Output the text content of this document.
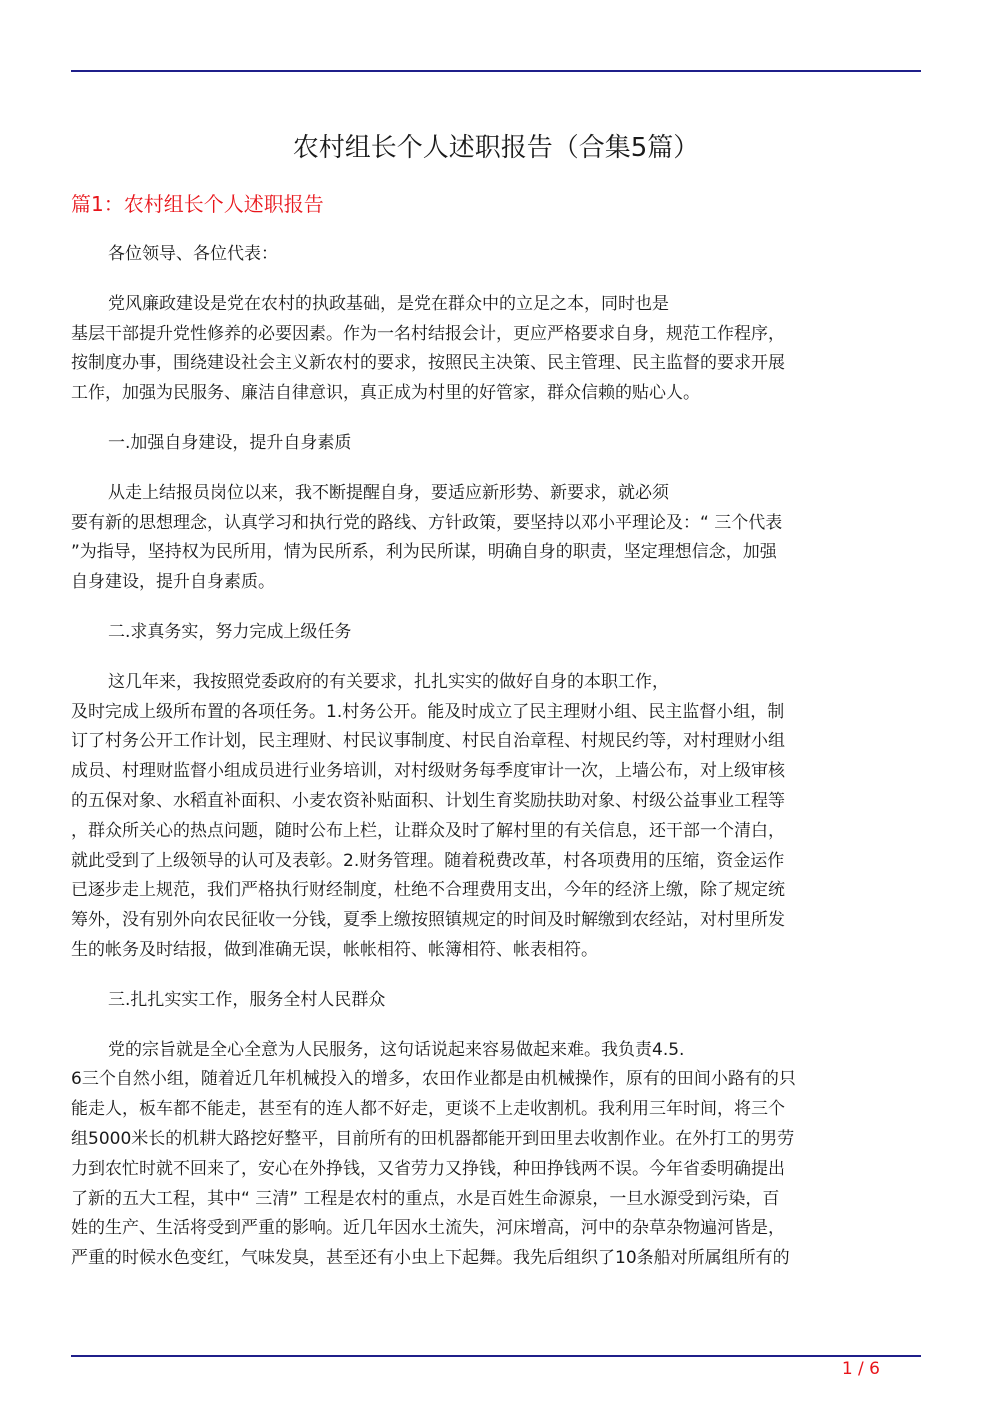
农村组长个人述职报告（合集5篇）
篇1：农村组长个人述职报告

各位领导、各位代表：

党风廉政建设是党在农村的执政基础，是党在群众中的立足之本，同时也是
基层干部提升党性修养的必要因素。作为一名村结报会计，更应严格要求自身，规范工作程序，
按制度办事，围绕建设社会主义新农村的要求，按照民主决策、民主管理、民主监督的要求开展
工作，加强为民服务、廉洁自律意识，真正成为村里的好管家，群众信赖的贴心人。

一.加强自身建设，提升自身素质

从走上结报员岗位以来，我不断提醒自身，要适应新形势、新要求，就必须
要有新的思想理念，认真学习和执行党的路线、方针政策，要坚持以邓小平理论及：“ 三个代表
”为指导，坚持权为民所用，情为民所系，利为民所谋，明确自身的职责，坚定理想信念，加强
自身建设，提升自身素质。

二.求真务实，努力完成上级任务

这几年来，我按照党委政府的有关要求，扎扎实实的做好自身的本职工作，
及时完成上级所布置的各项任务。1.村务公开。能及时成立了民主理财小组、民主监督小组，制
订了村务公开工作计划，民主理财、村民议事制度、村民自治章程、村规民约等，对村理财小组
成员、村理财监督小组成员进行业务培训，对村级财务每季度审计一次，上墙公布，对上级审核
的五保对象、水稻直补面积、小麦农资补贴面积、计划生育奖励扶助对象、村级公益事业工程等
，群众所关心的热点问题，随时公布上栏，让群众及时了解村里的有关信息，还干部一个清白，
就此受到了上级领导的认可及表彰。2.财务管理。随着税费改革，村各项费用的压缩，资金运作
已逐步走上规范，我们严格执行财经制度，杜绝不合理费用支出，今年的经济上缴，除了规定统
筹外，没有别外向农民征收一分钱，夏季上缴按照镇规定的时间及时解缴到农经站，对村里所发
生的帐务及时结报，做到准确无误，帐帐相符、帐簿相符、帐表相符。

三.扎扎实实工作，服务全村人民群众

党的宗旨就是全心全意为人民服务，这句话说起来容易做起来难。我负责4.5.
6三个自然小组，随着近几年机械投入的增多，农田作业都是由机械操作，原有的田间小路有的只
能走人，板车都不能走，甚至有的连人都不好走，更谈不上走收割机。我利用三年时间，将三个
组5000米长的机耕大路挖好整平，目前所有的田机器都能开到田里去收割作业。在外打工的男劳
力到农忙时就不回来了，安心在外挣钱，又省劳力又挣钱，种田挣钱两不误。今年省委明确提出
了新的五大工程，其中“ 三清” 工程是农村的重点，水是百姓生命源泉，一旦水源受到污染，百
姓的生产、生活将受到严重的影响。近几年因水土流失，河床增高，河中的杂草杂物遍河皆是，
严重的时候水色变红，气味发臭，甚至还有小虫上下起舞。我先后组织了10条船对所属组所有的

1 / 6
